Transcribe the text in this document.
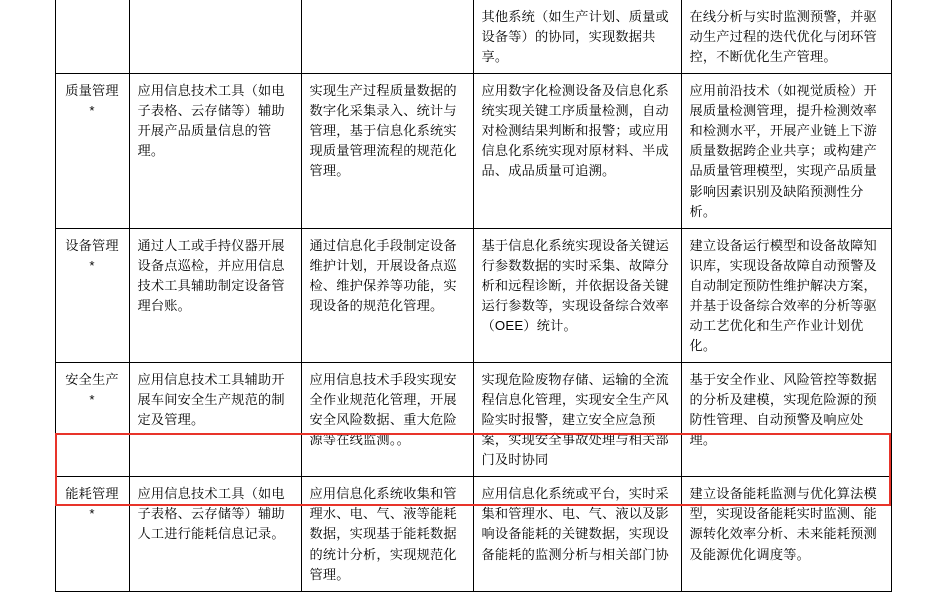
			其他系统（如生产计划、质量或设备等）的协同，实现数据共享。	在线分析与实时监测预警，并驱动生产过程的迭代优化与闭环管控，不断优化生产管理。	

	质量管理*	应用信息技术工具（如电子表格、云存储等）辅助开展产品质量信息的管理。	实现生产过程质量数据的数字化采集录入、统计与管理，基于信息化系统实现质量管理流程的规范化管理。	应用数字化检测设备及信息化系统实现关键工序质量检测，自动对检测结果判断和报警；或应用信息化系统实现对原材料、半成品、成品质量可追溯。	应用前沿技术（如视觉质检）开展质量检测管理，提升检测效率和检测水平，开展产业链上下游质量数据跨企业共享；或构建产品质量管理模型，实现产品质量影响因素识别及缺陷预测性分析。	

	设备管理*	通过人工或手持仪器开展设备点巡检，并应用信息技术工具辅助制定设备管理台账。	通过信息化手段制定设备维护计划，开展设备点巡检、维护保养等功能，实现设备的规范化管理。	基于信息化系统实现设备关键运行参数数据的实时采集、故障分析和远程诊断，并依据设备关键运行参数等，实现设备综合效率（OEE）统计。	建立设备运行模型和设备故障知识库，实现设备故障自动预警及自动制定预防性维护解决方案，并基于设备综合效率的分析等驱动工艺优化和生产作业计划优化。	

	安全生产*	应用信息技术工具辅助开展车间安全生产规范的制定及管理。	应用信息技术手段实现安全作业规范化管理，开展安全风险数据、重大危险源等在线监测。。	实现危险废物存储、运输的全流程信息化管理，实现安全生产风险实时报警，建立安全应急预案，实现安全事故处理与相关部门及时协同	基于安全作业、风险管控等数据的分析及建模，实现危险源的预防性管理、自动预警及响应处理。	

	能耗管理*	应用信息技术工具（如电子表格、云存储等）辅助人工进行能耗信息记录。	应用信息化系统收集和管理水、电、气、液等能耗数据，实现基于能耗数据的统计分析，实现规范化管理。	应用信息化系统或平台，实时采集和管理水、电、气、液以及影响设备能耗的关键数据，实现设备能耗的监测分析与相关部门协	建立设备能耗监测与优化算法模型，实现设备能耗实时监测、能源转化效率分析、未来能耗预测及能源优化调度等。	
